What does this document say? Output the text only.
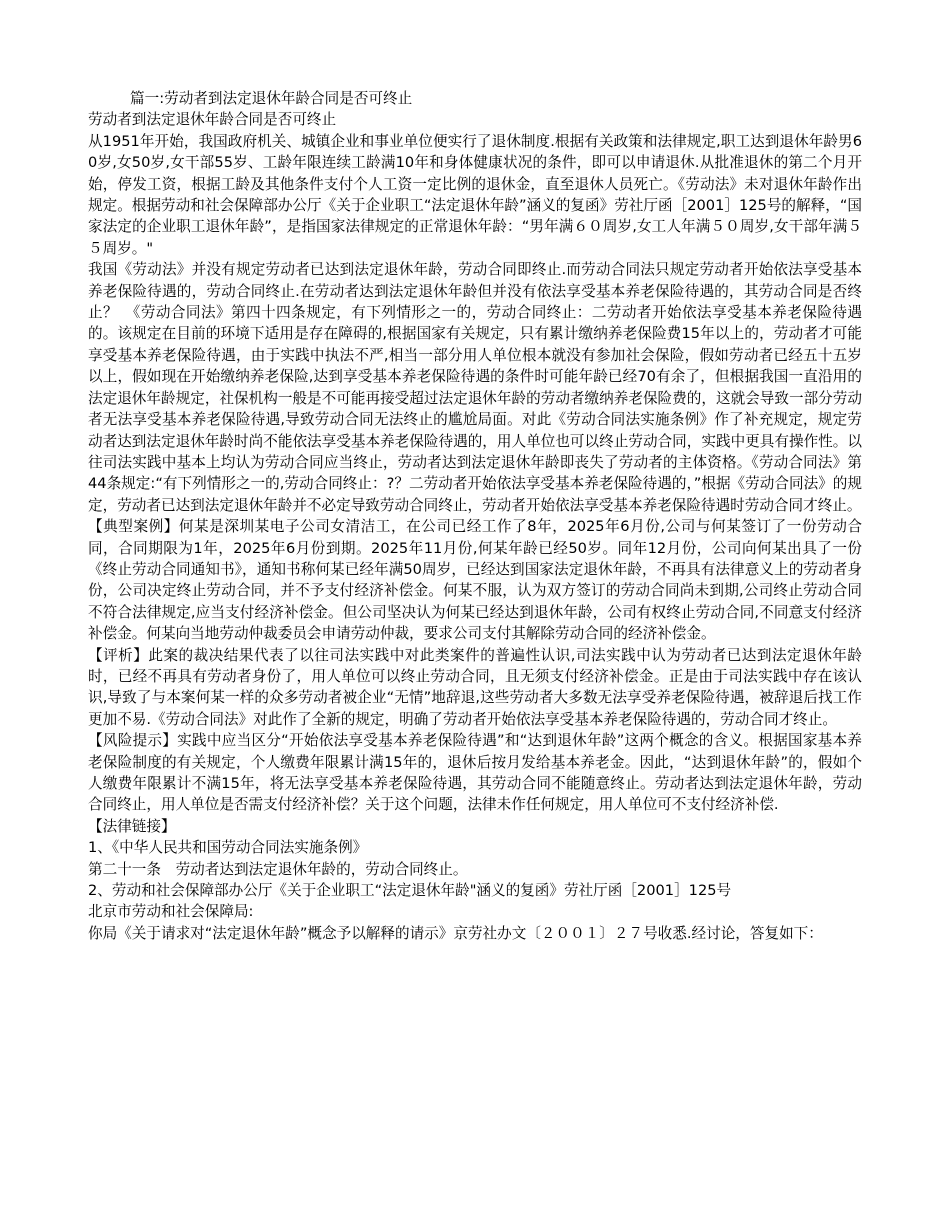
篇一:劳动者到法定退休年龄合同是否可终止
劳动者到法定退休年龄合同是否可终止

从1951年开始，我国政府机关、城镇企业和事业单位便实行了退休制度.根据有关政策和法律规定,职工达到退休年龄男60岁,女50岁,女干部55岁、工龄年限连续工龄满10年和身体健康状况的条件，即可以申请退休.从批准退休的第二个月开始，停发工资，根据工龄及其他条件支付个人工资一定比例的退休金，直至退休人员死亡。《劳动法》未对退休年龄作出规定。根据劳动和社会保障部办公厅《关于企业职工“法定退休年龄”涵义的复函》劳社厅函［2001］125号的解释，“国家法定的企业职工退休年龄”，是指国家法律规定的正常退休年龄：“男年满６０周岁,女工人年满５０周岁,女干部年满５５周岁。"

我国《劳动法》并没有规定劳动者已达到法定退休年龄，劳动合同即终止.而劳动合同法只规定劳动者开始依法享受基本养老保险待遇的，劳动合同终止.在劳动者达到法定退休年龄但并没有依法享受基本养老保险待遇的，其劳动合同是否终止？　《劳动合同法》第四十四条规定，有下列情形之一的，劳动合同终止：二劳动者开始依法享受基本养老保险待遇的。该规定在目前的环境下适用是存在障碍的,根据国家有关规定，只有累计缴纳养老保险费15年以上的，劳动者才可能享受基本养老保险待遇，由于实践中执法不严,相当一部分用人单位根本就没有参加社会保险，假如劳动者已经五十五岁以上，假如现在开始缴纳养老保险,达到享受基本养老保险待遇的条件时可能年龄已经70有余了，但根据我国一直沿用的法定退休年龄规定，社保机构一般是不可能再接受超过法定退休年龄的劳动者缴纳养老保险费的，这就会导致一部分劳动者无法享受基本养老保险待遇,导致劳动合同无法终止的尴尬局面。对此《劳动合同法实施条例》作了补充规定，规定劳动者达到法定退休年龄时尚不能依法享受基本养老保险待遇的，用人单位也可以终止劳动合同，实践中更具有操作性。以往司法实践中基本上均认为劳动合同应当终止，劳动者达到法定退休年龄即丧失了劳动者的主体资格。《劳动合同法》第44条规定:“有下列情形之一的,劳动合同终止：?？二劳动者开始依法享受基本养老保险待遇的，”根据《劳动合同法》的规定，劳动者已达到法定退休年龄并不必定导致劳动合同终止，劳动者开始依法享受基本养老保险待遇时劳动合同才终止。

【典型案例】何某是深圳某电子公司女清洁工，在公司已经工作了8年，2025年6月份,公司与何某签订了一份劳动合同，合同期限为1年，2025年6月份到期。2025年11月份,何某年龄已经50岁。同年12月份，公司向何某出具了一份《终止劳动合同通知书》，通知书称何某已经年满50周岁，已经达到国家法定退休年龄，不再具有法律意义上的劳动者身份，公司决定终止劳动合同，并不予支付经济补偿金。何某不服，认为双方签订的劳动合同尚未到期,公司终止劳动合同不符合法律规定,应当支付经济补偿金。但公司坚决认为何某已经达到退休年龄，公司有权终止劳动合同,不同意支付经济补偿金。何某向当地劳动仲裁委员会申请劳动仲裁，要求公司支付其解除劳动合同的经济补偿金。

【评析】此案的裁决结果代表了以往司法实践中对此类案件的普遍性认识,司法实践中认为劳动者已达到法定退休年龄时，已经不再具有劳动者身份了，用人单位可以终止劳动合同，且无须支付经济补偿金。正是由于司法实践中存在该认识,导致了与本案何某一样的众多劳动者被企业“无情”地辞退,这些劳动者大多数无法享受养老保险待遇，被辞退后找工作更加不易.《劳动合同法》对此作了全新的规定，明确了劳动者开始依法享受基本养老保险待遇的，劳动合同才终止。

【风险提示】实践中应当区分“开始依法享受基本养老保险待遇”和“达到退休年龄”这两个概念的含义。根据国家基本养老保险制度的有关规定，个人缴费年限累计满15年的，退休后按月发给基本养老金。因此，“达到退休年龄”的，假如个人缴费年限累计不满15年，将无法享受基本养老保险待遇，其劳动合同不能随意终止。劳动者达到法定退休年龄，劳动合同终止，用人单位是否需支付经济补偿？关于这个问题，法律未作任何规定，用人单位可不支付经济补偿.

【法律链接】
1、《中华人民共和国劳动合同法实施条例》
第二十一条　劳动者达到法定退休年龄的，劳动合同终止。
2、劳动和社会保障部办公厅《关于企业职工“法定退休年龄"涵义的复函》劳社厅函［2001］125号
北京市劳动和社会保障局:

你局《关于请求对“法定退休年龄”概念予以解释的请示》京劳社办文〔２００１〕２７号收悉.经讨论，答复如下：
